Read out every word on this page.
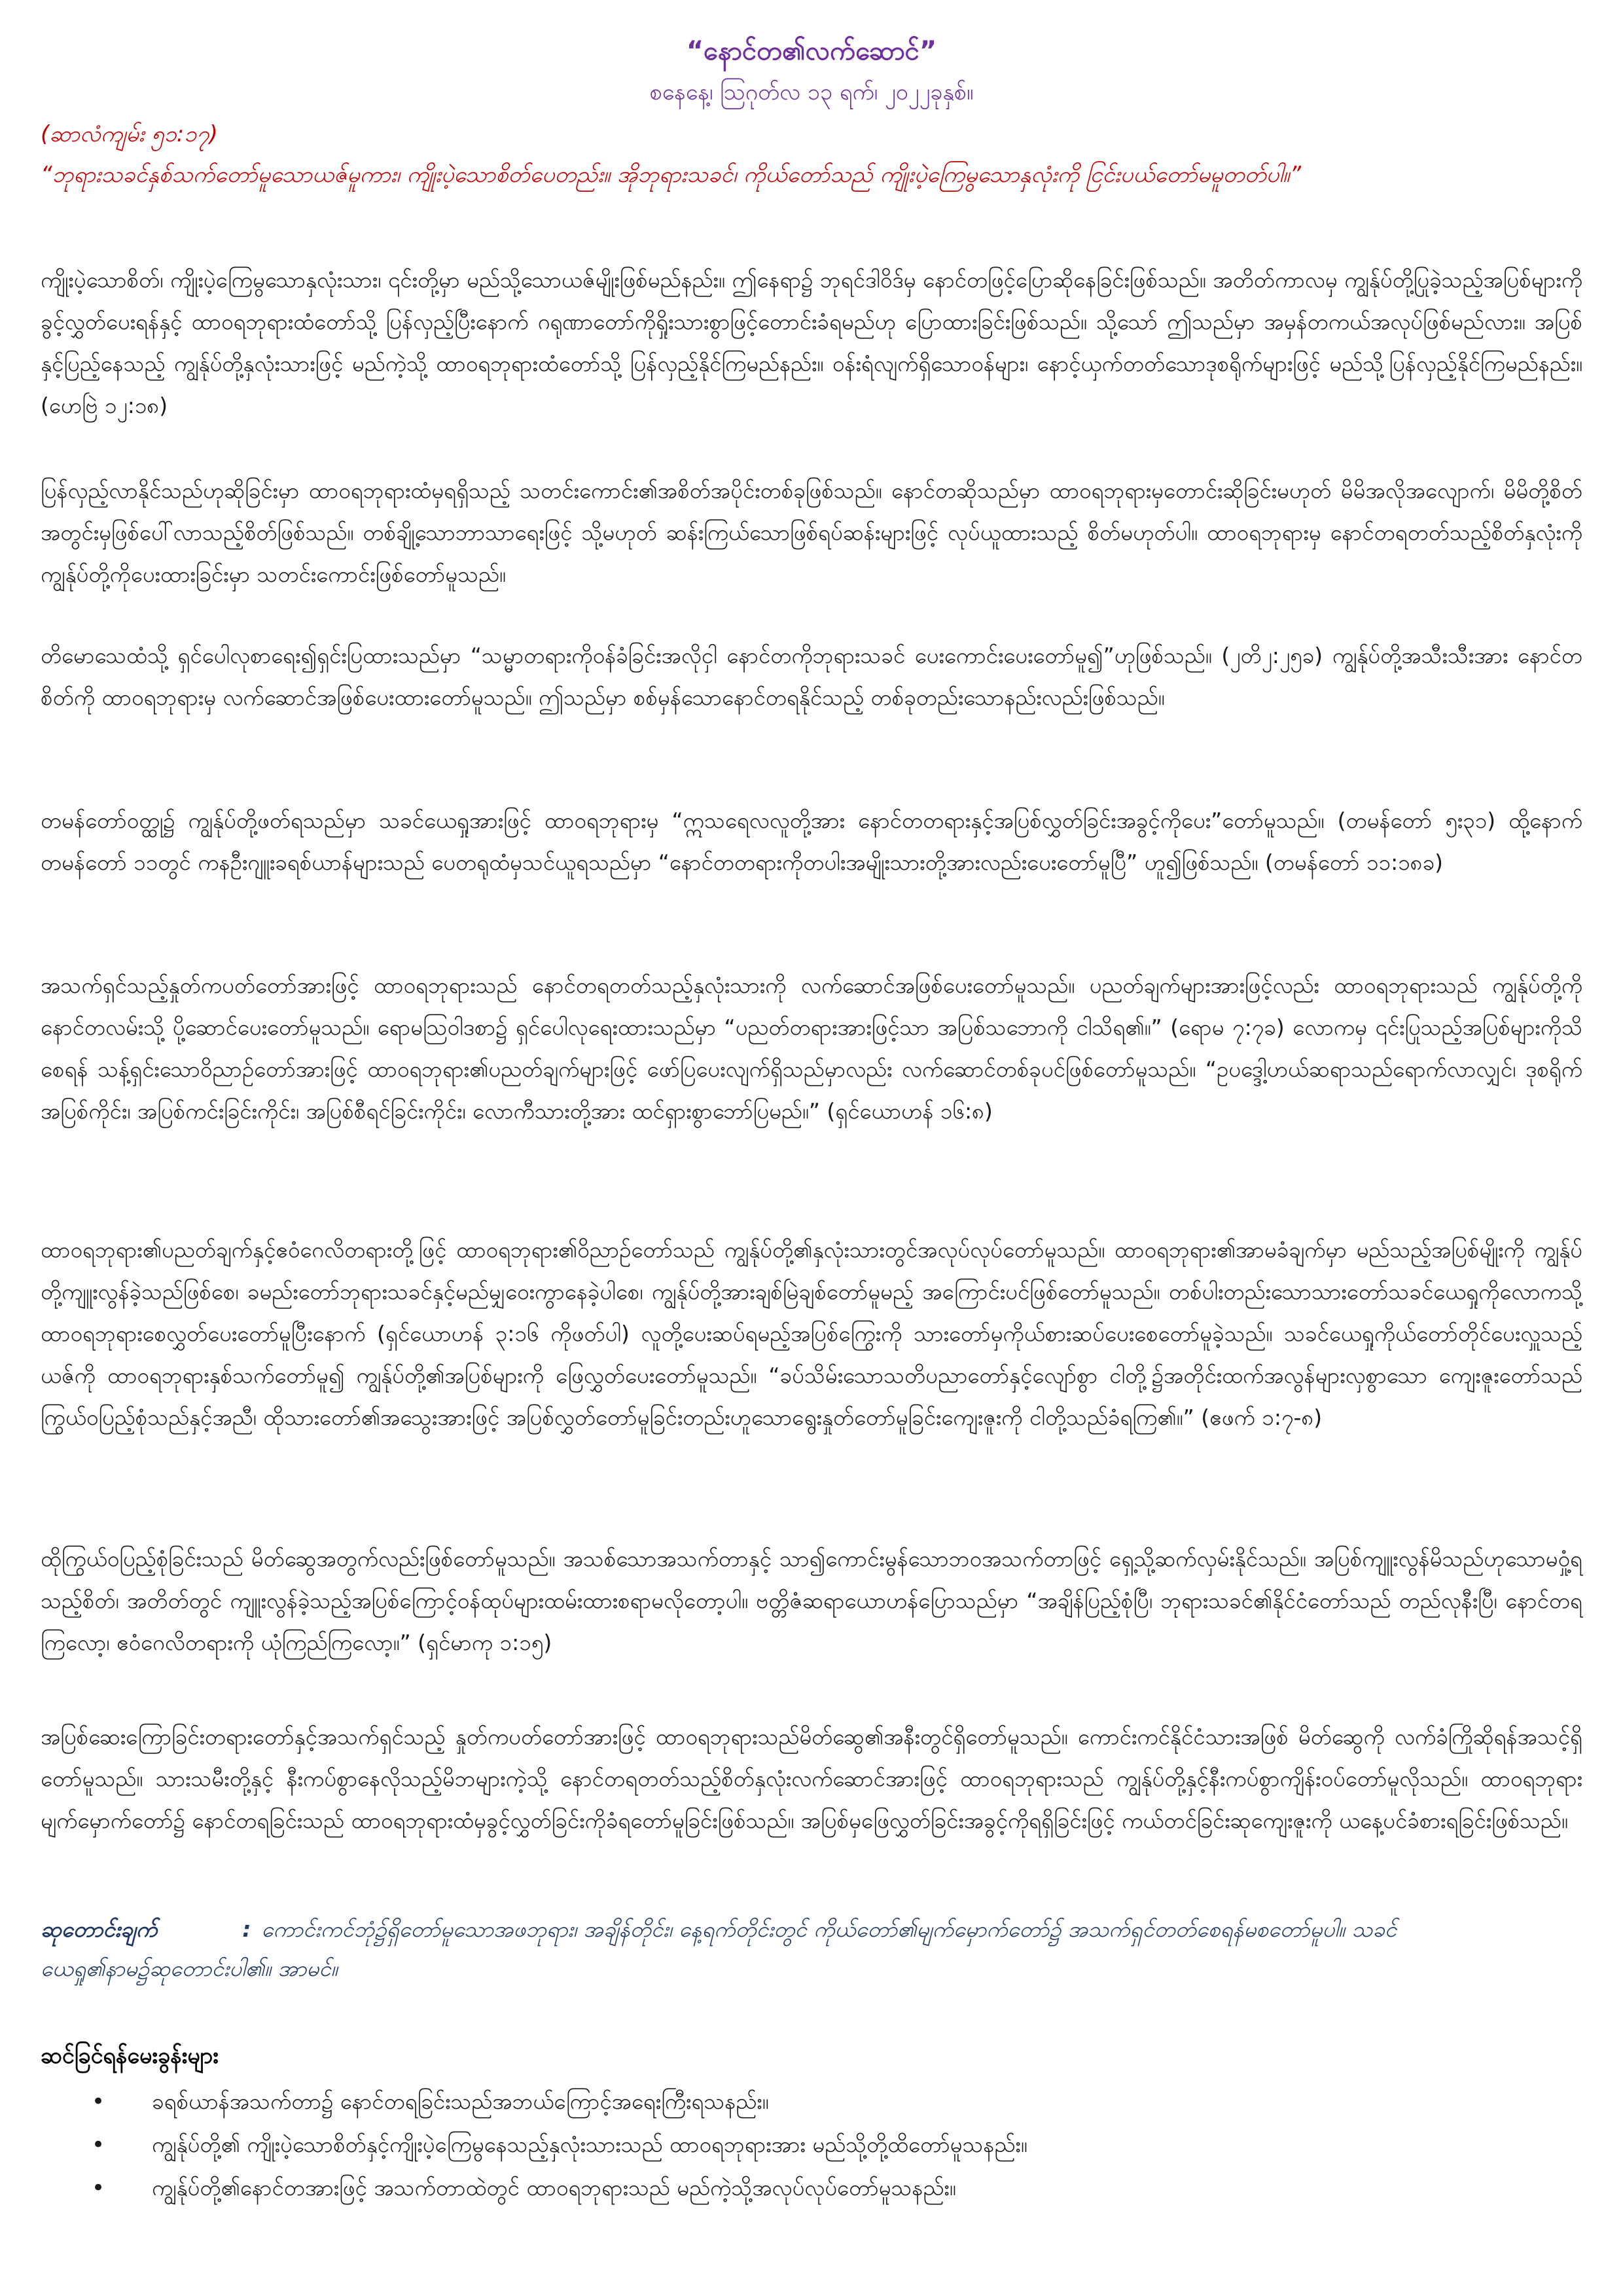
“နောင်တ၏လက်ဆောင်”
စနေနေ့၊ ဩဂုတ်လ ၁၃ ရက်၊ ၂၀၂၂ခုနှစ်။
(ဆာလံကျမ်း ၅၁:၁၇)
“ဘုရားသခင်နှစ်သက်တော်မူသောယဇ်မူကား၊ ကျိုးပဲ့သောစိတ်ပေတည်း။ အိုဘုရားသခင်၊ ကိုယ်တော်သည် ကျိုးပဲ့ကြေမွသောနှလုံးကို ငြင်းပယ်တော်မမူတတ်ပါ။”
ကျိုးပဲ့သောစိတ်၊ ကျိုးပဲ့ကြေမွသောနှလုံးသား၊ ၎င်းတို့မှာ မည်သို့သောယဇ်မျိုးဖြစ်မည်နည်း။ ဤနေရာ၌ ဘုရင်ဒါဝိဒ်မှ နောင်တဖြင့်ပြောဆိုနေခြင်းဖြစ်သည်။ အတိတ်ကာလမှ ကျွန်ုပ်တို့ပြုခဲ့သည့်အပြစ်များကို ခွင့်လွှတ်ပေးရန်နှင့် ထာဝရဘုရားထံတော်သို့ ပြန်လှည့်ပြီးနောက် ဂရုဏာတော်ကိုရှိုးသားစွာဖြင့်တောင်းခံရမည်ဟု ပြောထားခြင်းဖြစ်သည်။ သို့သော် ဤသည်မှာ အမှန်တကယ်အလုပ်ဖြစ်မည်လား။ အပြစ်နှင့်ပြည့်နေသည့် ကျွန်ုပ်တို့နှလုံးသားဖြင့် မည်ကဲ့သို့ ထာဝရဘုရားထံတော်သို့ ပြန်လှည့်နိုင်ကြမည်နည်း။ ဝန်းရံလျက်ရှိသောဝန်များ၊ နောင့်ယှက်တတ်သောဒုစရိုက်များဖြင့် မည်သို့ပြန်လှည့်နိုင်ကြမည်နည်း။ (ဟေဗြဲ ၁၂:၁၈)
ပြန်လှည့်လာနိုင်သည်ဟုဆိုခြင်းမှာ ထာဝရဘုရားထံမှရရှိသည့် သတင်းကောင်း၏အစိတ်အပိုင်းတစ်ခုဖြစ်သည်။ နောင်တဆိုသည်မှာ ထာဝရဘုရားမှတောင်းဆိုခြင်းမဟုတ် မိမိအလိုအလျောက်၊ မိမိတို့စိတ်အတွင်းမှဖြစ်ပေါ်လာသည့်စိတ်ဖြစ်သည်။ တစ်ချို့သောဘာသာရေးဖြင့် သို့မဟုတ် ဆန်းကြယ်သောဖြစ်ရပ်ဆန်းများဖြင့် လုပ်ယူထားသည့် စိတ်မဟုတ်ပါ။ ထာဝရဘုရားမှ နောင်တရတတ်သည့်စိတ်နှလုံးကို ကျွန်ုပ်တို့ကိုပေးထားခြင်းမှာ သတင်းကောင်းဖြစ်တော်မူသည်။
တိမောသေထံသို့ ရှင်ပေါလုစာရေး၍ရှင်းပြထားသည်မှာ “သမ္မာတရားကိုဝန်ခံခြင်းအလိုငှါ နောင်တကိုဘုရားသခင် ပေးကောင်းပေးတော်မူ၍”ဟုဖြစ်သည်။ (၂တိ၂:၂၅ခ) ကျွန်ုပ်တို့အသီးသီးအား နောင်တစိတ်ကို ထာဝရဘုရားမှ လက်ဆောင်အဖြစ်ပေးထားတော်မူသည်။ ဤသည်မှာ စစ်မှန်သောနောင်တရနိုင်သည့် တစ်ခုတည်းသောနည်းလည်းဖြစ်သည်။
တမန်တော်ဝတ္ထု၌ ကျွန်ုပ်တို့ဖတ်ရသည်မှာ သခင်ယေရှုအားဖြင့် ထာဝရဘုရားမှ “ဣသရေလလူတို့အား နောင်တတရားနှင့်အပြစ်လွှတ်ခြင်းအခွင့်ကိုပေး”တော်မူသည်။ (တမန်တော် ၅း၃၁) ထို့နောက် တမန်တော် ၁၁တွင် ကနဦးဂျူးခရစ်ယာန်များသည် ပေတရုထံမှသင်ယူရသည်မှာ “နောင်တတရားကိုတပါးအမျိုးသားတို့အားလည်းပေးတော်မူပြီ” ဟူ၍ဖြစ်သည်။ (တမန်တော် ၁၁:၁၈ခ)
အသက်ရှင်သည့်နှုတ်ကပတ်တော်အားဖြင့် ထာဝရဘုရားသည် နောင်တရတတ်သည့်နှလုံးသားကို လက်ဆောင်အဖြစ်ပေးတော်မူသည်။ ပညတ်ချက်များအားဖြင့်လည်း ထာဝရဘုရားသည် ကျွန်ုပ်တို့ကိုနောင်တလမ်းသို့ ပို့ဆောင်ပေးတော်မူသည်။ ရောမဩဝါဒစာ၌ ရှင်ပေါလုရေးထားသည်မှာ “ပညတ်တရားအားဖြင့်သာ အပြစ်သဘောကို ငါသိရ၏။” (ရောမ ၇:၇ခ) လောကမှ ၎င်းပြုသည့်အပြစ်များကိုသိစေရန် သန့်ရှင်းသောဝိညာဉ်တော်အားဖြင့် ထာဝရဘုရား၏ပညတ်ချက်များဖြင့် ဖော်ပြပေးလျက်ရှိသည်မှာလည်း လက်ဆောင်တစ်ခုပင်ဖြစ်တော်မူသည်။ “ဥပဒ္ဒေါ့ဟယ်ဆရာသည်ရောက်လာလျှင်၊ ဒုစရိုက်အပြစ်ကိုင်း၊ အပြစ်ကင်းခြင်းကိုင်း၊ အပြစ်စီရင်ခြင်းကိုင်း၊ လောကီသားတို့အား ထင်ရှားစွာဘော်ပြမည်။” (ရှင်ယောဟန် ၁၆:၈)
ထာဝရဘုရား၏ပညတ်ချက်နှင့်ဧဝံဂေလိတရားတို့ဖြင့် ထာဝရဘုရား၏ဝိညာဉ်တော်သည် ကျွန်ုပ်တို့၏နှလုံးသားတွင်အလုပ်လုပ်တော်မူသည်။ ထာဝရဘုရား၏အာမခံချက်မှာ မည်သည့်အပြစ်မျိုးကို ကျွန်ုပ်တို့ကျူးလွန်ခဲ့သည်ဖြစ်စေ၊ ခမည်းတော်ဘုရားသခင်နှင့်မည်မျှဝေးကွာနေခဲ့ပါစေ၊ ကျွန်ုပ်တို့အားချစ်မြဲချစ်တော်မူမည့် အကြောင်းပင်ဖြစ်တော်မူသည်။ တစ်ပါးတည်းသောသားတော်သခင်ယေရှုကိုလောကသို့ ထာဝရဘုရားစေလွှတ်ပေးတော်မူပြီးနောက် (ရှင်ယောဟန် ၃:၁၆ ကိုဖတ်ပါ) လူတို့ပေးဆပ်ရမည့်အပြစ်ကြွေးကို သားတော်မှကိုယ်စားဆပ်ပေးစေတော်မူခဲ့သည်။ သခင်ယေရှုကိုယ်တော်တိုင်ပေးလှူသည့်ယဇ်ကို ထာဝရဘုရားနှစ်သက်တော်မူ၍ ကျွန်ုပ်တို့၏အပြစ်များကို ဖြေလွှတ်ပေးတော်မူသည်။ “ခပ်သိမ်းသောသတိပညာတော်နှင့်လျော်စွာ ငါတို့၌အတိုင်းထက်အလွန်များလှစွာသော ကျေးဇူးတော်သည်ကြွယ်ဝပြည့်စုံသည်နှင့်အညီ၊ ထိုသားတော်၏အသွေးအားဖြင့် အပြစ်လွှတ်တော်မူခြင်းတည်းဟူသောရွေးနှုတ်တော်မူခြင်းကျေးဇူးကို ငါတို့သည်ခံရကြ၏။” (ဧဖက် ၁:၇-၈)
ထိုကြွယ်ဝပြည့်စုံခြင်းသည် မိတ်ဆွေအတွက်လည်းဖြစ်တော်မူသည်။ အသစ်သောအသက်တာနှင့် သာ၍ကောင်းမွန်သောဘဝအသက်တာဖြင့် ရှေ့သို့ဆက်လှမ်းနိုင်သည်။ အပြစ်ကျူးလွန်မိသည်ဟုသောမဝှုံ့ရသည့်စိတ်၊ အတိတ်တွင် ကျူးလွန်ခဲ့သည့်အပြစ်ကြောင့်ဝန်ထုပ်များထမ်းထားစရာမလိုတော့ပါ။ ဗတ္တိဇံဆရာယောဟန်ပြောသည်မှာ “အချိန်ပြည့်စုံပြီ၊ ဘုရားသခင်၏နိုင်ငံတော်သည် တည်လုနီးပြီ၊ နောင်တရကြလော့၊ ဧဝံဂေလိတရားကို ယုံကြည်ကြလော့။” (ရှင်မာကု ၁:၁၅)
အပြစ်ဆေးကြောခြင်းတရားတော်နှင့်အသက်ရှင်သည့် နှုတ်ကပတ်တော်အားဖြင့် ထာဝရဘုရားသည်မိတ်ဆွေ၏အနီးတွင်ရှိတော်မူသည်။ ကောင်းကင်နိုင်ငံသားအဖြစ် မိတ်ဆွေကို လက်ခံကြိုဆိုရန်အသင့်ရှိတော်မူသည်။ သားသမီးတို့နှင့် နီးကပ်စွာနေလိုသည့်မိဘများကဲ့သို့ နောင်တရတတ်သည့်စိတ်နှလုံးလက်ဆောင်အားဖြင့် ထာဝရဘုရားသည် ကျွန်ုပ်တို့နှင့်နီးကပ်စွာကျိန်းဝပ်တော်မူလိုသည်။ ထာဝရဘုရားမျက်မှောက်တော်၌ နောင်တရခြင်းသည် ထာဝရဘုရားထံမှခွင့်လွှတ်ခြင်းကိုခံရတော်မူခြင်းဖြစ်သည်။ အပြစ်မှဖြေလွှတ်ခြင်းအခွင့်ကိုရရှိခြင်းဖြင့် ကယ်တင်ခြင်းဆုကျေးဇူးကို ယနေ့ပင်ခံစားရခြင်းဖြစ်သည်။
ဆုတောင်းချက်	: ကောင်းကင်ဘုံ၌ရှိတော်မူသောအဖဘုရား၊ အချိန်တိုင်း၊ နေ့ရက်တိုင်းတွင် ကိုယ်တော်၏မျက်မှောက်တော်၌ အသက်ရှင်တတ်စေရန်မစတော်မူပါ။ သခင်ယေရှု၏နာမ၌ဆုတောင်းပါ၏။ အာမင်။
ဆင်ခြင်ရန်မေးခွန်းများ
• ခရစ်ယာန်အသက်တာ၌ နောင်တရခြင်းသည်အဘယ်ကြောင့်အရေးကြီးရသနည်း။
• ကျွန်ုပ်တို့၏ ကျိုးပဲ့သောစိတ်နှင့်ကျိုးပဲ့ကြေမွနေသည့်နှလုံးသားသည် ထာဝရဘုရားအား မည်သို့တို့ထိတော်မူသနည်း။
• ကျွန်ုပ်တို့၏နောင်တအားဖြင့် အသက်တာထဲတွင် ထာဝရဘုရားသည် မည်ကဲ့သို့အလုပ်လုပ်တော်မူသနည်း။
